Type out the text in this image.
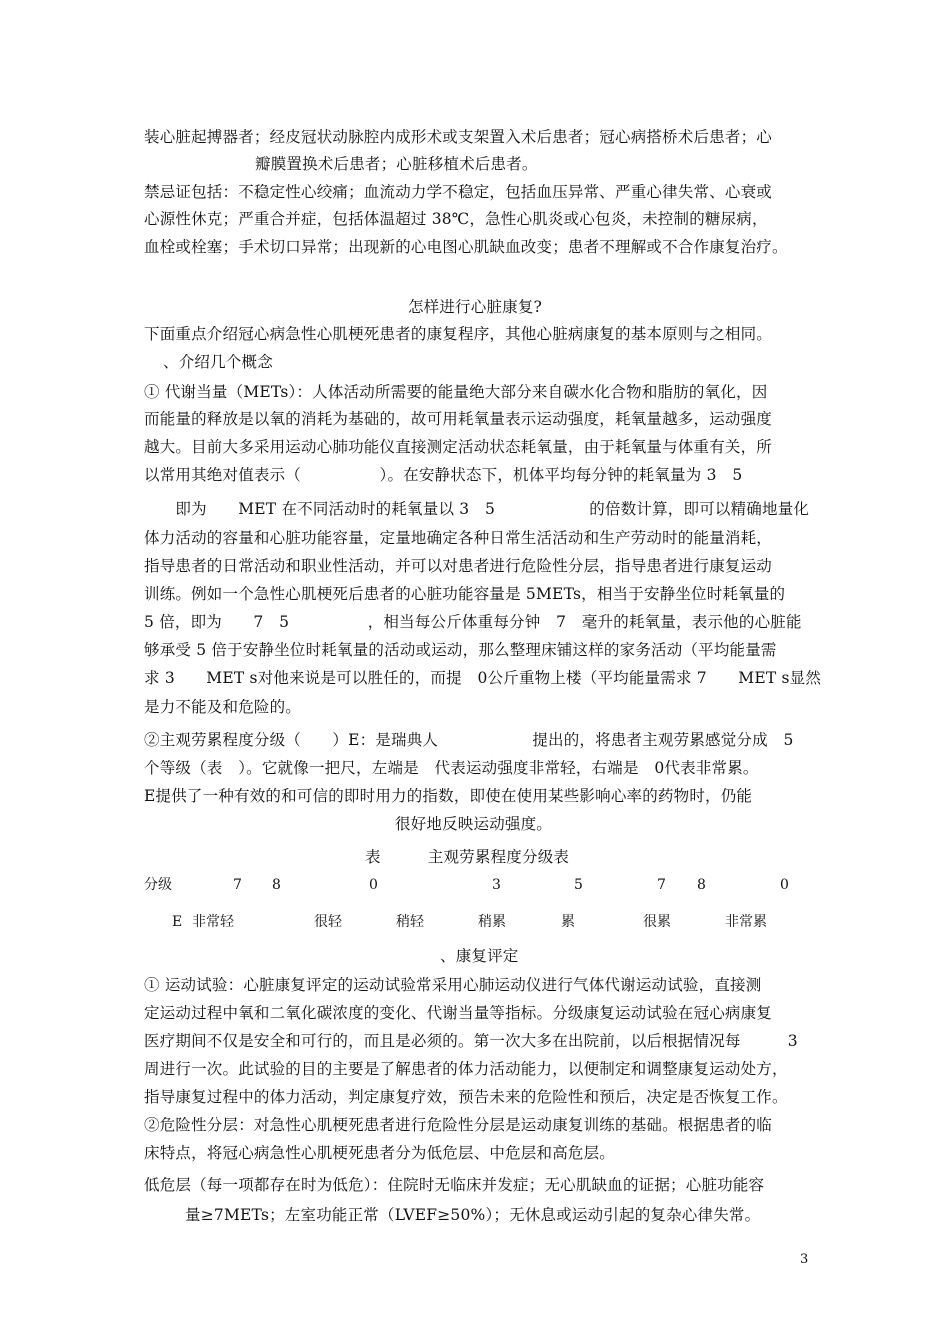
装心脏起搏器者；经皮冠状动脉腔内成形术或支架置入术后患者；冠心病搭桥术后患者；心
瓣膜置换术后患者；心脏移植术后患者。
禁忌证包括：不稳定性心绞痛；血流动力学不稳定，包括血压异常、严重心律失常、心衰或
心源性休克；严重合并症，包括体温超过 38℃，急性心肌炎或心包炎，未控制的糖尿病，
血栓或栓塞；手术切口异常；出现新的心电图心肌缺血改变；患者不理解或不合作康复治疗。
怎样进行心脏康复?
下面重点介绍冠心病急性心肌梗死患者的康复程序，其他心脏病康复的基本原则与之相同。
、介绍几个概念
① 代谢当量（METs）：人体活动所需要的能量绝大部分来自碳水化合物和脂肪的氧化，因
而能量的释放是以氧的消耗为基础的，故可用耗氧量表示运动强度，耗氧量越多，运动强度
越大。目前大多采用运动心肺功能仪直接测定活动状态耗氧量，由于耗氧量与体重有关，所
以常用其绝对值表示（　　　　　）。在安静状态下，机体平均每分钟的耗氧量为 3　5
　　即为　　MET 在不同活动时的耗氧量以 3　5　　　　　　的倍数计算，即可以精确地量化
体力活动的容量和心脏功能容量，定量地确定各种日常生活活动和生产劳动时的能量消耗，
指导患者的日常活动和职业性活动，并可以对患者进行危险性分层，指导患者进行康复运动
训练。例如一个急性心肌梗死后患者的心脏功能容量是 5METs，相当于安静坐位时耗氧量的
5 倍，即为　　7　5　　　　　，相当每公斤体重每分钟　7　毫升的耗氧量，表示他的心脏能
够承受 5 倍于安静坐位时耗氧量的活动或运动，那么整理床铺这样的家务活动（平均能量需
求 3　　MET s对他来说是可以胜任的，而提　0公斤重物上楼（平均能量需求 7　　MET s显然
是力不能及和危险的。
②主观劳累程度分级（　　）E：是瑞典人　　　　　　提出的，将患者主观劳累感觉分成　5
个等级（表　）。它就像一把尺，左端是　代表运动强度非常轻，右端是　0代表非常累。
E提供了一种有效的和可信的即时用力的指数，即使在使用某些影响心率的药物时，仍能
很好地反映运动强度。
表　　　主观劳累程度分级表
分级	7 8	0	3	5	7 8	0
E 非常轻	很轻	稍轻	稍累	累	很累	非常累
、康复评定
① 运动试验：心脏康复评定的运动试验常采用心肺运动仪进行气体代谢运动试验，直接测
定运动过程中氧和二氧化碳浓度的变化、代谢当量等指标。分级康复运动试验在冠心病康复
医疗期间不仅是安全和可行的，而且是必须的。第一次大多在出院前，以后根据情况每　　　3
周进行一次。此试验的目的主要是了解患者的体力活动能力，以便制定和调整康复运动处方，
指导康复过程中的体力活动，判定康复疗效，预告未来的危险性和预后，决定是否恢复工作。
②危险性分层：对急性心肌梗死患者进行危险性分层是运动康复训练的基础。根据患者的临
床特点，将冠心病急性心肌梗死患者分为低危层、中危层和高危层。
低危层（每一项都存在时为低危）：住院时无临床并发症；无心肌缺血的证据；心脏功能容
量≥7METs；左室功能正常（LVEF≥50%）；无休息或运动引起的复杂心律失常。
3
